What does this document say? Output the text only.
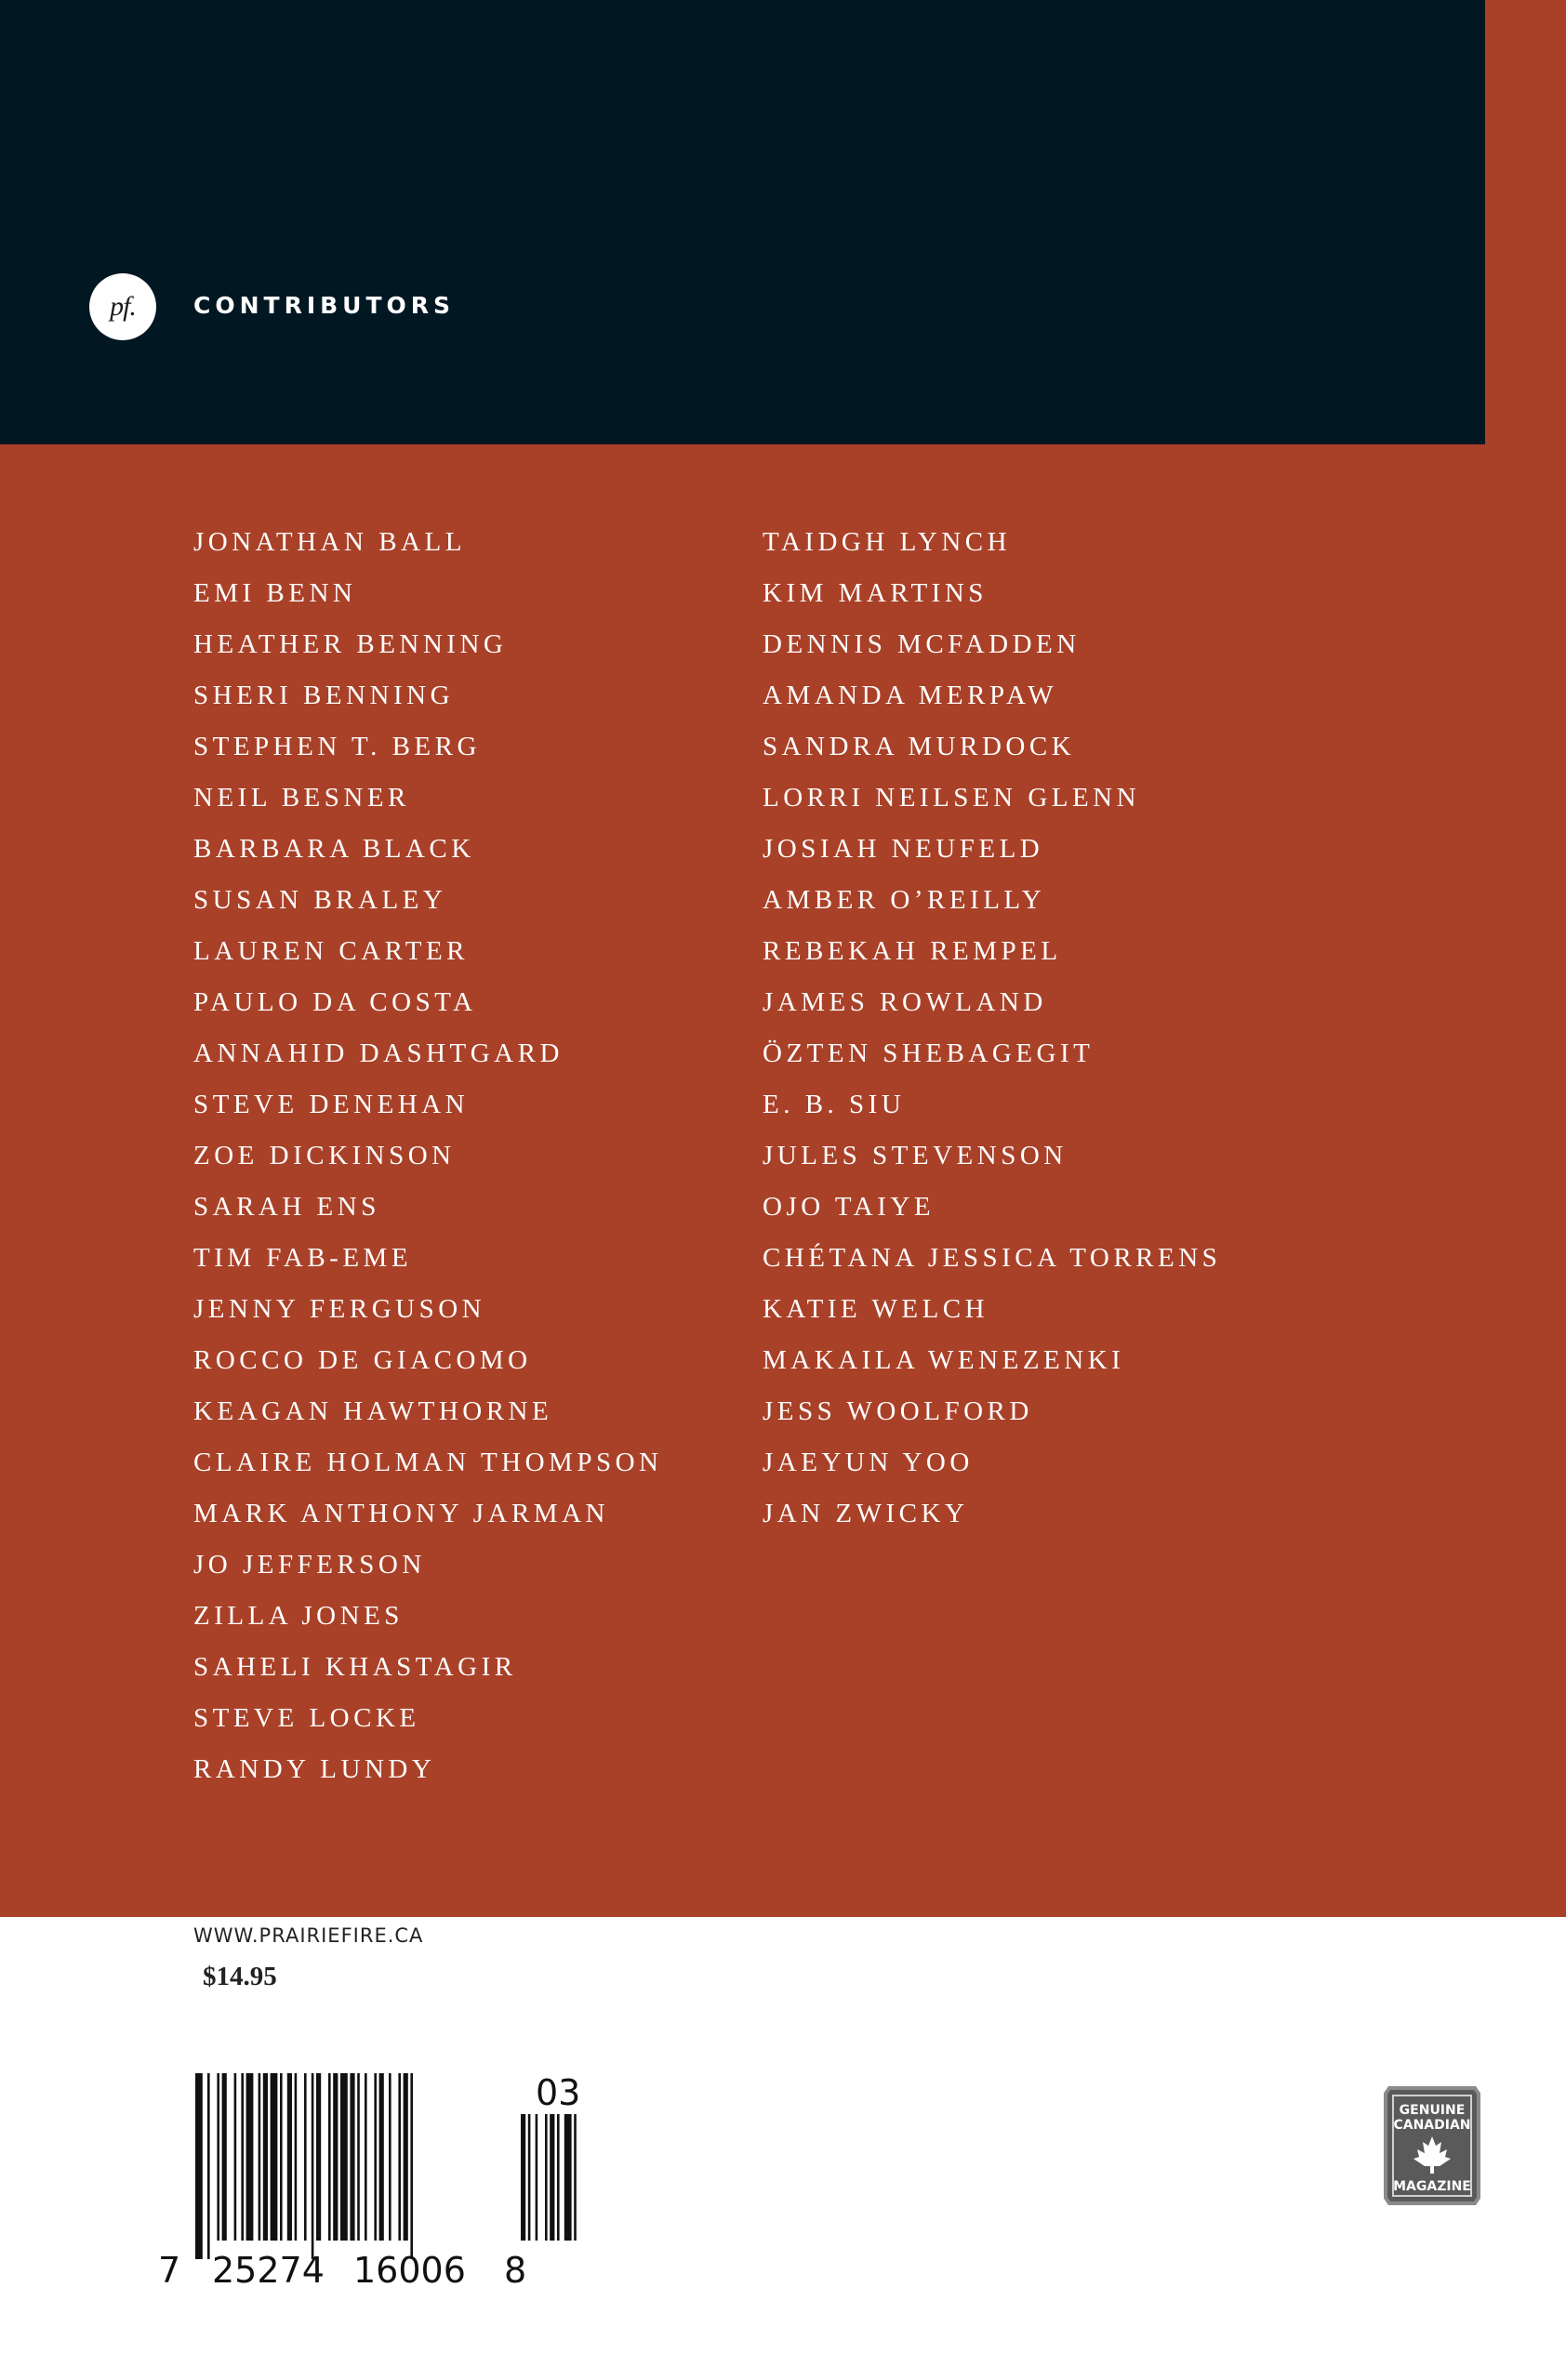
pf. CONTRIBUTORS
JONATHAN BALL
EMI BENN
HEATHER BENNING
SHERI BENNING
STEPHEN T. BERG
NEIL BESNER
BARBARA BLACK
SUSAN BRALEY
LAUREN CARTER
PAULO DA COSTA
ANNAHID DASHTGARD
STEVE DENEHAN
ZOE DICKINSON
SARAH ENS
TIM FAB-EME
JENNY FERGUSON
ROCCO DE GIACOMO
KEAGAN HAWTHORNE
CLAIRE HOLMAN THOMPSON
MARK ANTHONY JARMAN
JO JEFFERSON
ZILLA JONES
SAHELI KHASTAGIR
STEVE LOCKE
RANDY LUNDY
TAIDGH LYNCH
KIM MARTINS
DENNIS MCFADDEN
AMANDA MERPAW
SANDRA MURDOCK
LORRI NEILSEN GLENN
JOSIAH NEUFELD
AMBER O’REILLY
REBEKAH REMPEL
JAMES ROWLAND
ÖZTEN SHEBAGEGIT
E. B. SIU
JULES STEVENSON
OJO TAIYE
CHÉTANA JESSICA TORRENS
KATIE WELCH
MAKAILA WENEZENKI
JESS WOOLFORD
JAEYUN YOO
JAN ZWICKY
WWW.PRAIRIEFIRE.CA
$14.95
7 25274 16006 8
03	GENUINE
CANADIAN
MAGAZINE
